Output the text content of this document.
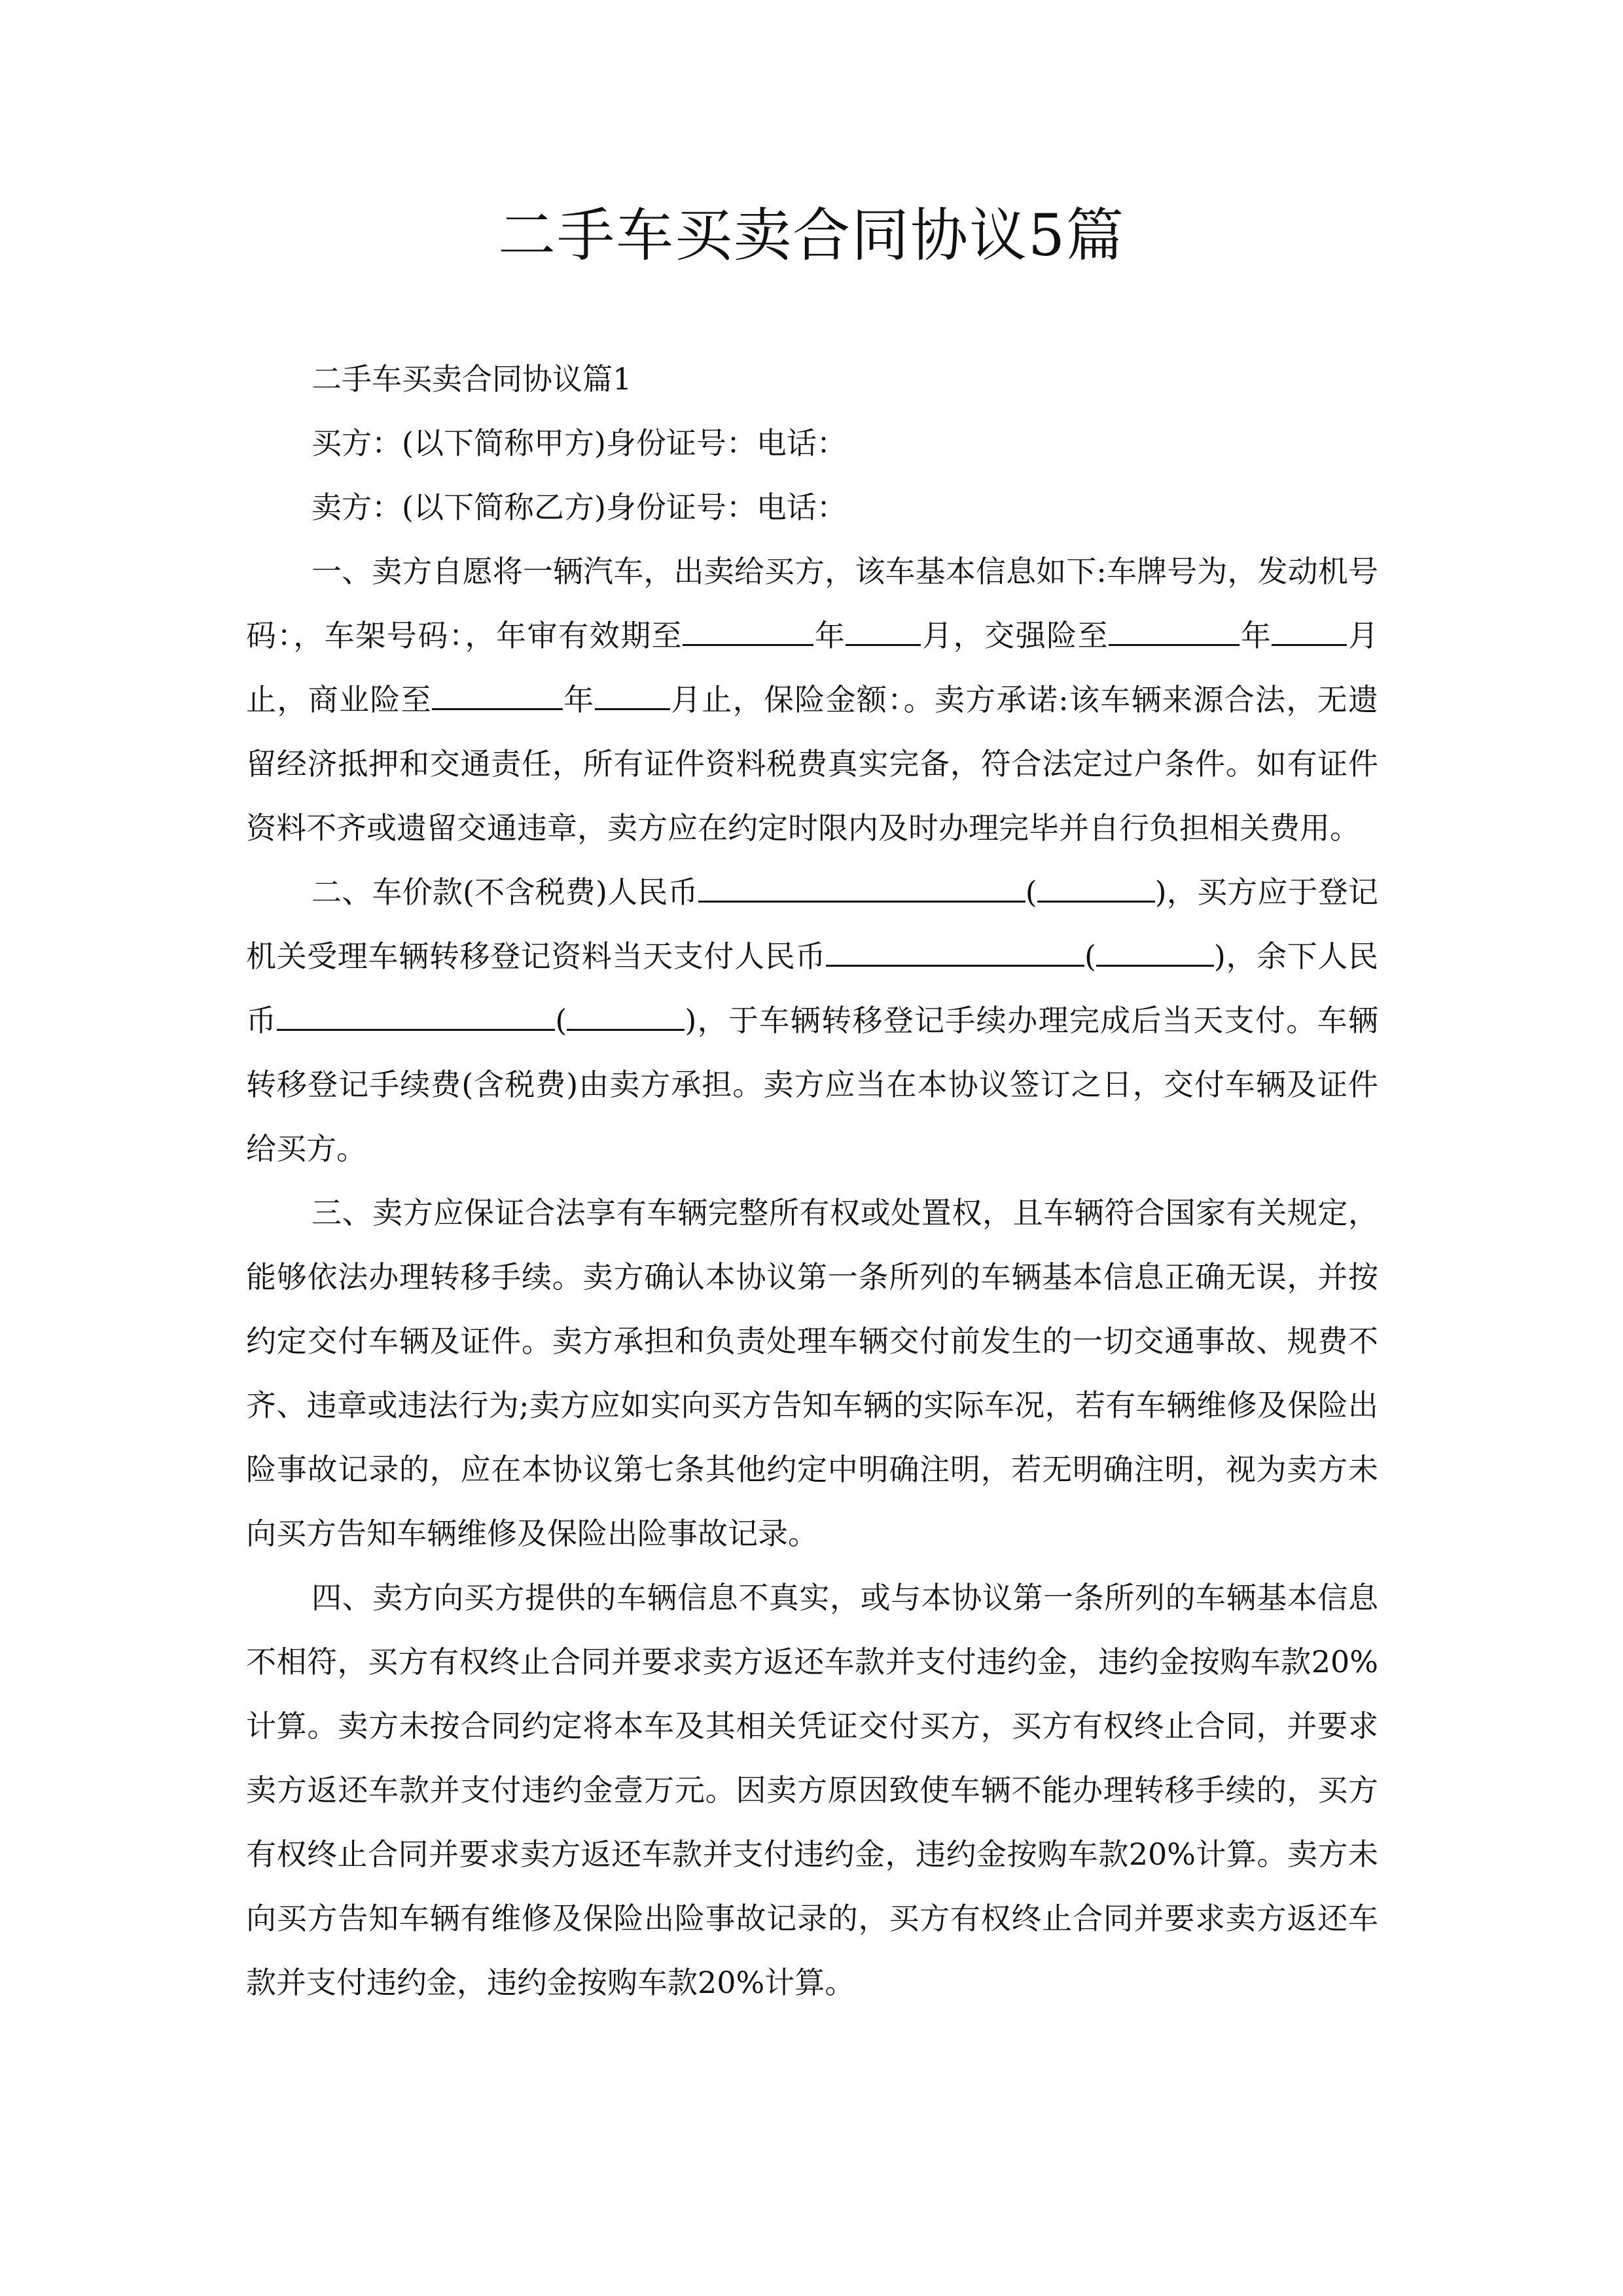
二手车买卖合同协议5篇

二手车买卖合同协议篇1

买方：(以下简称甲方)身份证号：电话：

卖方：(以下简称乙方)身份证号：电话：

一、卖方自愿将一辆汽车，出卖给买方，该车基本信息如下:车牌号为，发动机号码：，车架号码：，年审有效期至	年	月，交强险至	年	月止，商业险至	年	月止，保险金额：。卖方承诺:该车辆来源合法，无遗留经济抵押和交通责任，所有证件资料税费真实完备，符合法定过户条件。如有证件资料不齐或遗留交通违章，卖方应在约定时限内及时办理完毕并自行负担相关费用。

二、车价款(不含税费)人民币	(	)，买方应于登记机关受理车辆转移登记资料当天支付人民币	(	)，余下人民币	(	)，于车辆转移登记手续办理完成后当天支付。车辆转移登记手续费(含税费)由卖方承担。卖方应当在本协议签订之日，交付车辆及证件给买方。

三、卖方应保证合法享有车辆完整所有权或处置权，且车辆符合国家有关规定，能够依法办理转移手续。卖方确认本协议第一条所列的车辆基本信息正确无误，并按约定交付车辆及证件。卖方承担和负责处理车辆交付前发生的一切交通事故、规费不齐、违章或违法行为;卖方应如实向买方告知车辆的实际车况，若有车辆维修及保险出险事故记录的，应在本协议第七条其他约定中明确注明，若无明确注明，视为卖方未向买方告知车辆维修及保险出险事故记录。

四、卖方向买方提供的车辆信息不真实，或与本协议第一条所列的车辆基本信息不相符，买方有权终止合同并要求卖方返还车款并支付违约金，违约金按购车款20%计算。卖方未按合同约定将本车及其相关凭证交付买方，买方有权终止合同，并要求卖方返还车款并支付违约金壹万元。因卖方原因致使车辆不能办理转移手续的，买方有权终止合同并要求卖方返还车款并支付违约金，违约金按购车款20%计算。卖方未向买方告知车辆有维修及保险出险事故记录的，买方有权终止合同并要求卖方返还车款并支付违约金，违约金按购车款20%计算。
